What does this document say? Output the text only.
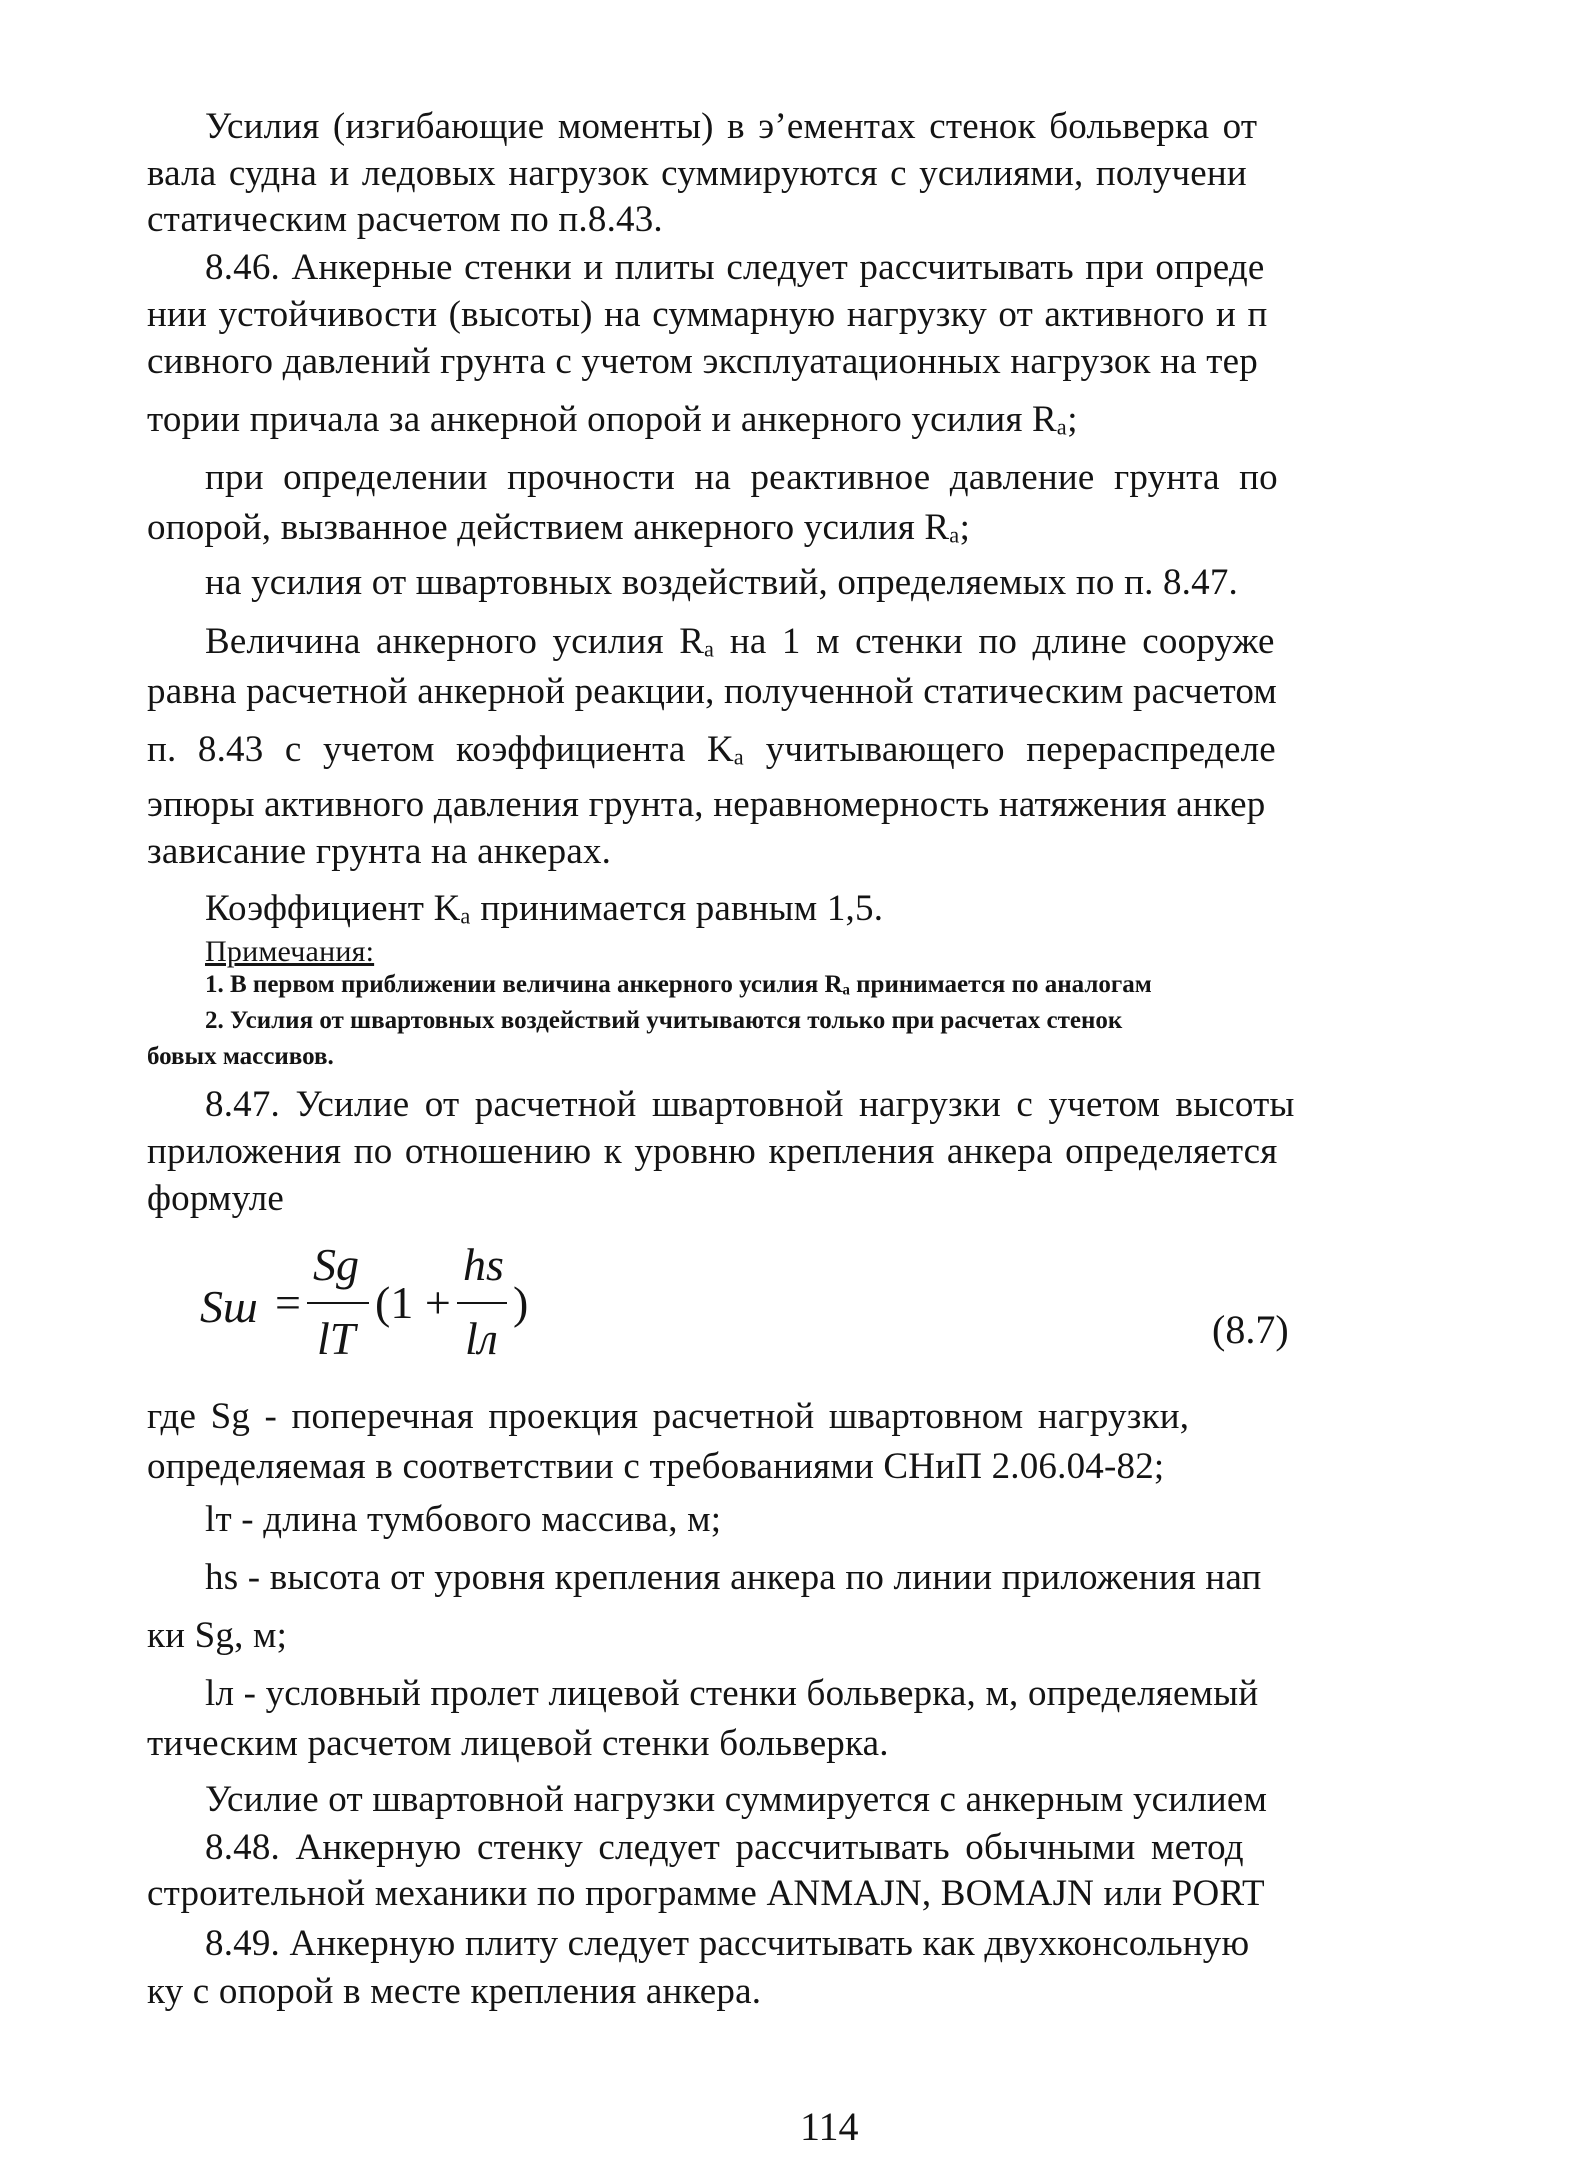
Усилия (изгибающие моменты) в э’ементах стенок больверка от

вала судна и ледовых нагрузок суммируются с усилиями, получени

статическим расчетом по п.8.43.

8.46. Анкерные стенки и плиты следует рассчитывать при опреде

нии устойчивости (высоты) на суммарную нагрузку от активного и п

сивного давлений грунта с учетом эксплуатационных нагрузок на тер

тории причала за анкерной опорой и анкерного усилия Rₐ;

при определении прочности на реактивное давление грунта по

опорой, вызванное действием анкерного усилия Rₐ;

на усилия от швартовных воздействий, определяемых по п. 8.47.

Величина анкерного усилия Rₐ на 1 м стенки по длине сооруже

равна расчетной анкерной реакции, полученной статическим расчетом

п. 8.43 с учетом коэффициента Kₐ учитывающего перераспределе

эпюры активного давления грунта, неравномерность натяжения анкер

зависание грунта на анкерах.

Коэффициент Kₐ принимается равным 1,5.

Примечания:

1. В первом приближении величина анкерного усилия Rₐ принимается по аналогам

2. Усилия от швартовных воздействий учитываются только при расчетах стенок

бовых массивов.

8.47. Усилие от расчетной швартовной нагрузки с учетом высоты

приложения по отношению к уровню крепления анкера определяется

формуле

Sш =
Sg
lT
(1 +
hs
lл
)

(8.7)

где Sg - поперечная проекция расчетной швартовном нагрузки,

определяемая в соответствии с требованиями СНиП 2.06.04-82;

lт - длина тумбового массива, м;

hs - высота от уровня крепления анкера по линии приложения нап

ки Sg, м;

lл - условный пролет лицевой стенки больверка, м, определяемый

тическим расчетом лицевой стенки больверка.

Усилие от швартовной нагрузки суммируется с анкерным усилием

8.48. Анкерную стенку следует рассчитывать обычными метод

строительной механики по программе ANMAJN, BOMAJN или PORT

8.49. Анкерную плиту следует рассчитывать как двухконсольную

ку с опорой в месте крепления анкера.

114
